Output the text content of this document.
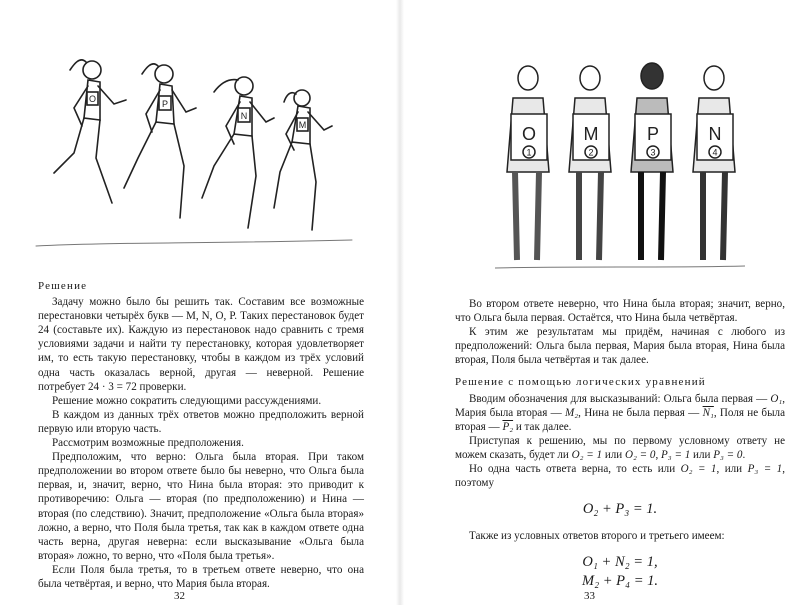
O	P
N
M	O	M	P	N
1	2	3	4

Решение

Задачу можно было бы решить так. Составим все возможные перестановки четырёх букв — M, N, O, P. Таких перестановок будет 24 (составьте их). Каждую из перестановок надо сравнить с тремя условиями задачи и найти ту перестановку, которая удовлетворяет им, то есть такую перестановку, чтобы в каждом из трёх условий одна часть оказалась верной, другая — неверной. Решение потребует 24 · 3 = 72 проверки.

Решение можно сократить следующими рассуждениями.

В каждом из данных трёх ответов можно предположить верной первую или вторую часть.

Рассмотрим возможные предположения.

Предположим, что верно: Ольга была вторая. При таком предположении во втором ответе было бы неверно, что Ольга была первая, и, значит, верно, что Нина была вторая: это приводит к противоречию: Ольга — вторая (по предположению) и Нина — вторая (по следствию). Значит, предположение «Ольга была вторая» ложно, а верно, что Поля была третья, так как в каждом ответе одна часть верна, другая неверна: если высказывание «Ольга была вторая» ложно, то верно, что «Поля была третья».

Если Поля была третья, то в третьем ответе неверно, что она была четвёртая, и верно, что Мария была вторая.

Во втором ответе неверно, что Нина была вторая; значит, верно, что Ольга была первая. Остаётся, что Нина была четвёртая.

К этим же результатам мы придём, начиная с любого из предположений: Ольга была первая, Мария была вторая, Нина была вторая, Поля была четвёртая и так далее.

Решение с помощью логических уравнений

Вводим обозначения для высказываний: Ольга была первая — O₁, Мария была вторая — M₂, Нина не была первая — N₁, Поля не была вторая — P₂ и так далее.

Приступая к решению, мы по первому условному ответу не можем сказать, будет ли O₂ = 1 или O₂ = 0, P₃ = 1 или P₃ = 0.

Но одна часть ответа верна, то есть или O₂ = 1, или P₃ = 1, поэтому

O₂ + P₃ = 1.

Также из условных ответов второго и третьего имеем:

O₁ + N₂ = 1,
M₂ + P₄ = 1.
32	33
